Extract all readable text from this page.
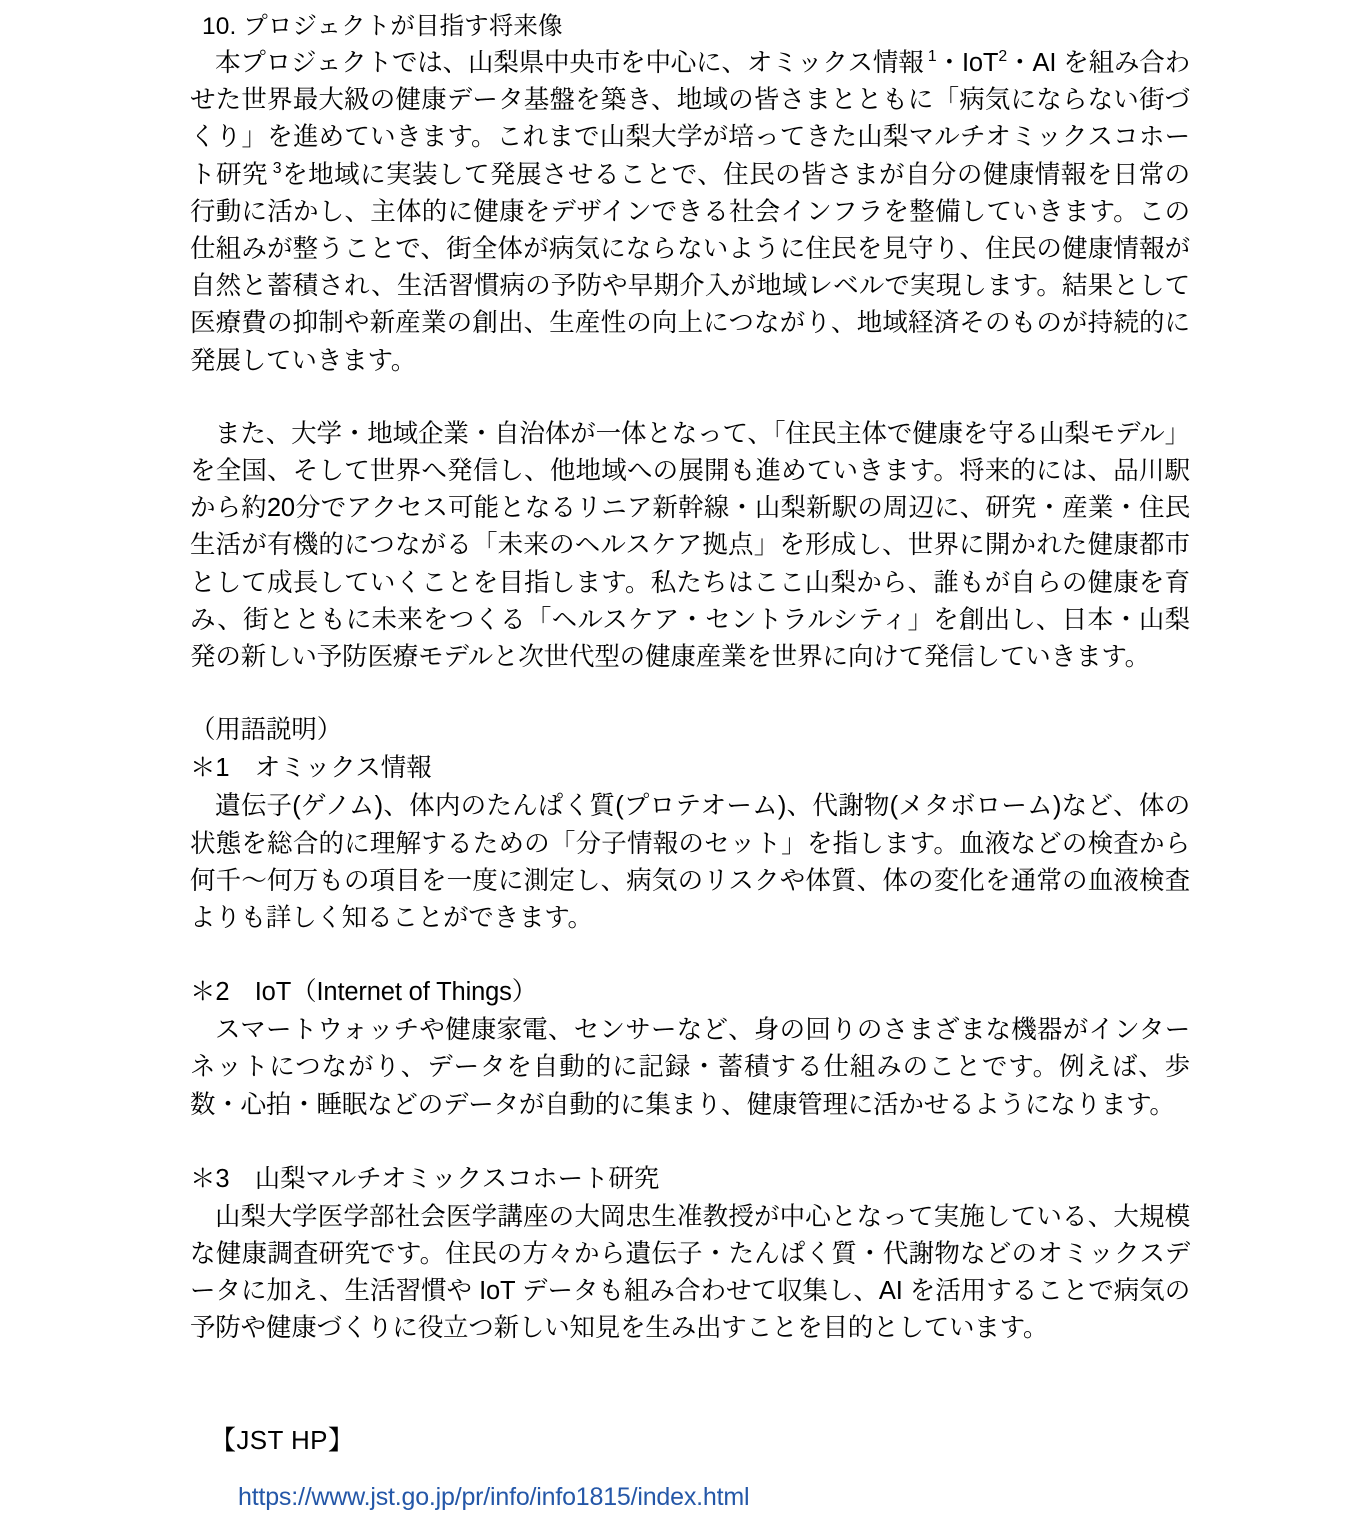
10. プロジェクトが目指す将来像

本プロジェクトでは、山梨県中央市を中心に、オミックス情報 $^1$・IoT$^2$・AI を組み合わせた世界最大級の健康データ基盤を築き、地域の皆さまとともに「病気にならない街づくり」を進めていきます。これまで山梨大学が培ってきた山梨マルチオミックスコホート研究 $^3$を地域に実装して発展させることで、住民の皆さまが自分の健康情報を日常の行動に活かし、主体的に健康をデザインできる社会インフラを整備していきます。この仕組みが整うことで、街全体が病気にならないように住民を見守り、住民の健康情報が自然と蓄積され、生活習慣病の予防や早期介入が地域レベルで実現します。結果として医療費の抑制や新産業の創出、生産性の向上につながり、地域経済そのものが持続的に発展していきます。

また、大学・地域企業・自治体が一体となって、「住民主体で健康を守る山梨モデル」を全国、そして世界へ発信し、他地域への展開も進めていきます。将来的には、品川駅から約20分でアクセス可能となるリニア新幹線・山梨新駅の周辺に、研究・産業・住民生活が有機的につながる「未来のヘルスケア拠点」を形成し、世界に開かれた健康都市として成長していくことを目指します。私たちはここ山梨から、誰もが自らの健康を育み、街とともに未来をつくる「ヘルスケア・セントラルシティ」を創出し、日本・山梨発の新しい予防医療モデルと次世代型の健康産業を世界に向けて発信していきます。

（用語説明）

＊1　オミックス情報

遺伝子(ゲノム)、体内のたんぱく質(プロテオーム)、代謝物(メタボローム)など、体の状態を総合的に理解するための「分子情報のセット」を指します。血液などの検査から何千〜何万もの項目を一度に測定し、病気のリスクや体質、体の変化を通常の血液検査よりも詳しく知ることができます。

＊2　IoT（Internet of Things）

スマートウォッチや健康家電、センサーなど、身の回りのさまざまな機器がインターネットにつながり、データを自動的に記録・蓄積する仕組みのことです。例えば、歩数・心拍・睡眠などのデータが自動的に集まり、健康管理に活かせるようになります。

＊3　山梨マルチオミックスコホート研究

山梨大学医学部社会医学講座の大岡忠生准教授が中心となって実施している、大規模な健康調査研究です。住民の方々から遺伝子・たんぱく質・代謝物などのオミックスデータに加え、生活習慣や IoT データも組み合わせて収集し、AI を活用することで病気の予防や健康づくりに役立つ新しい知見を生み出すことを目的としています。

【JST HP】

https://www.jst.go.jp/pr/info/info1815/index.html
